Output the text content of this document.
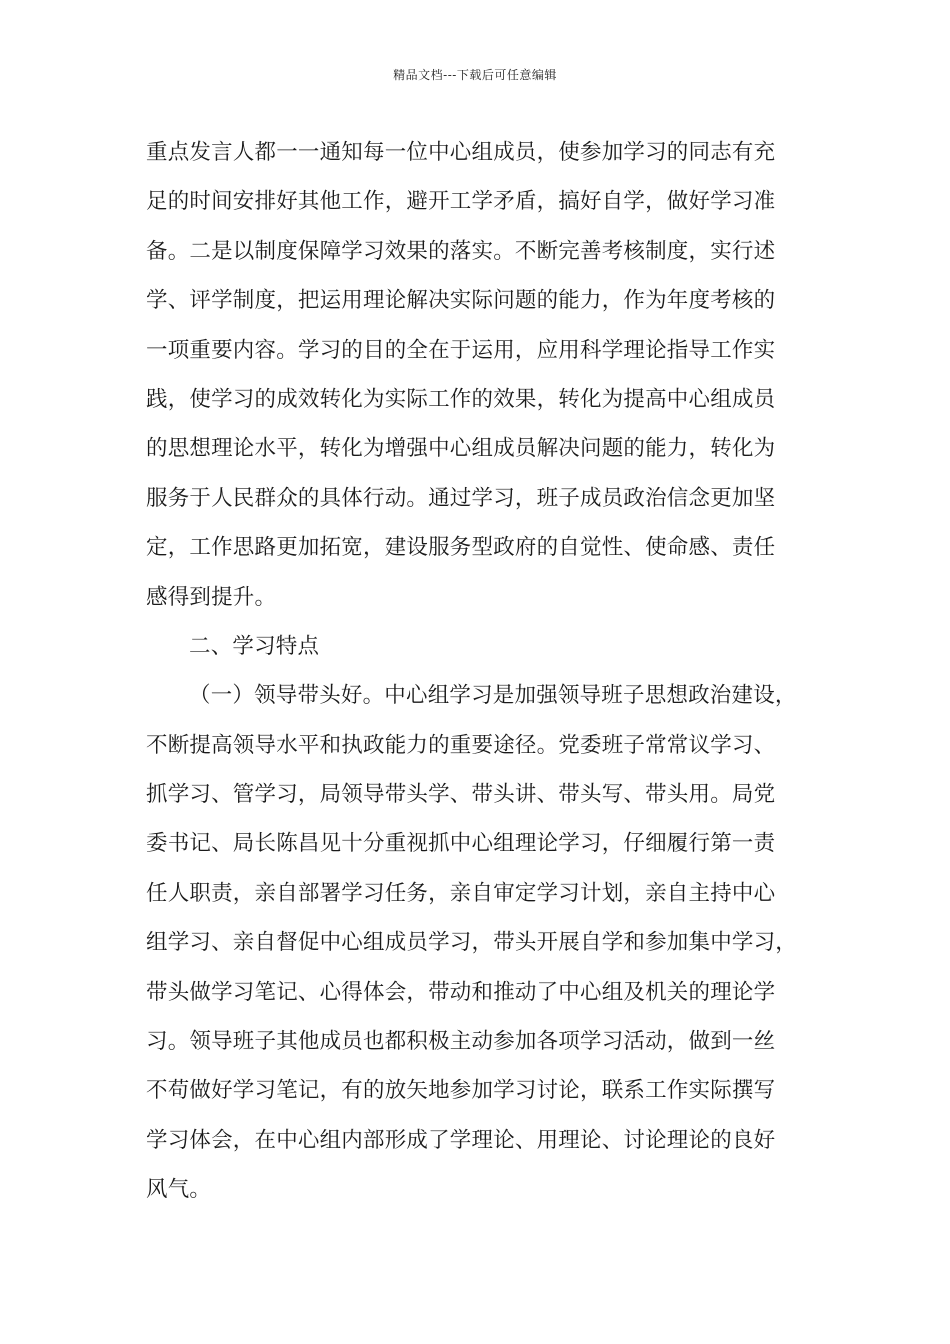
精品文档---下载后可任意编辑
重点发言人都一一通知每一位中心组成员，使参加学习的同志有充
足的时间安排好其他工作，避开工学矛盾，搞好自学，做好学习准
备。二是以制度保障学习效果的落实。不断完善考核制度，实行述
学、评学制度，把运用理论解决实际问题的能力，作为年度考核的
一项重要内容。学习的目的全在于运用，应用科学理论指导工作实
践，使学习的成效转化为实际工作的效果，转化为提高中心组成员
的思想理论水平，转化为增强中心组成员解决问题的能力，转化为
服务于人民群众的具体行动。通过学习，班子成员政治信念更加坚
定，工作思路更加拓宽，建设服务型政府的自觉性、使命感、责任
感得到提升。
二、学习特点
（一）领导带头好。中心组学习是加强领导班子思想政治建设，
不断提高领导水平和执政能力的重要途径。党委班子常常议学习、
抓学习、管学习，局领导带头学、带头讲、带头写、带头用。局党
委书记、局长陈昌见十分重视抓中心组理论学习，仔细履行第一责
任人职责，亲自部署学习任务，亲自审定学习计划，亲自主持中心
组学习、亲自督促中心组成员学习，带头开展自学和参加集中学习，
带头做学习笔记、心得体会，带动和推动了中心组及机关的理论学
习。领导班子其他成员也都积极主动参加各项学习活动，做到一丝
不苟做好学习笔记，有的放矢地参加学习讨论，联系工作实际撰写
学习体会，在中心组内部形成了学理论、用理论、讨论理论的良好
风气。
